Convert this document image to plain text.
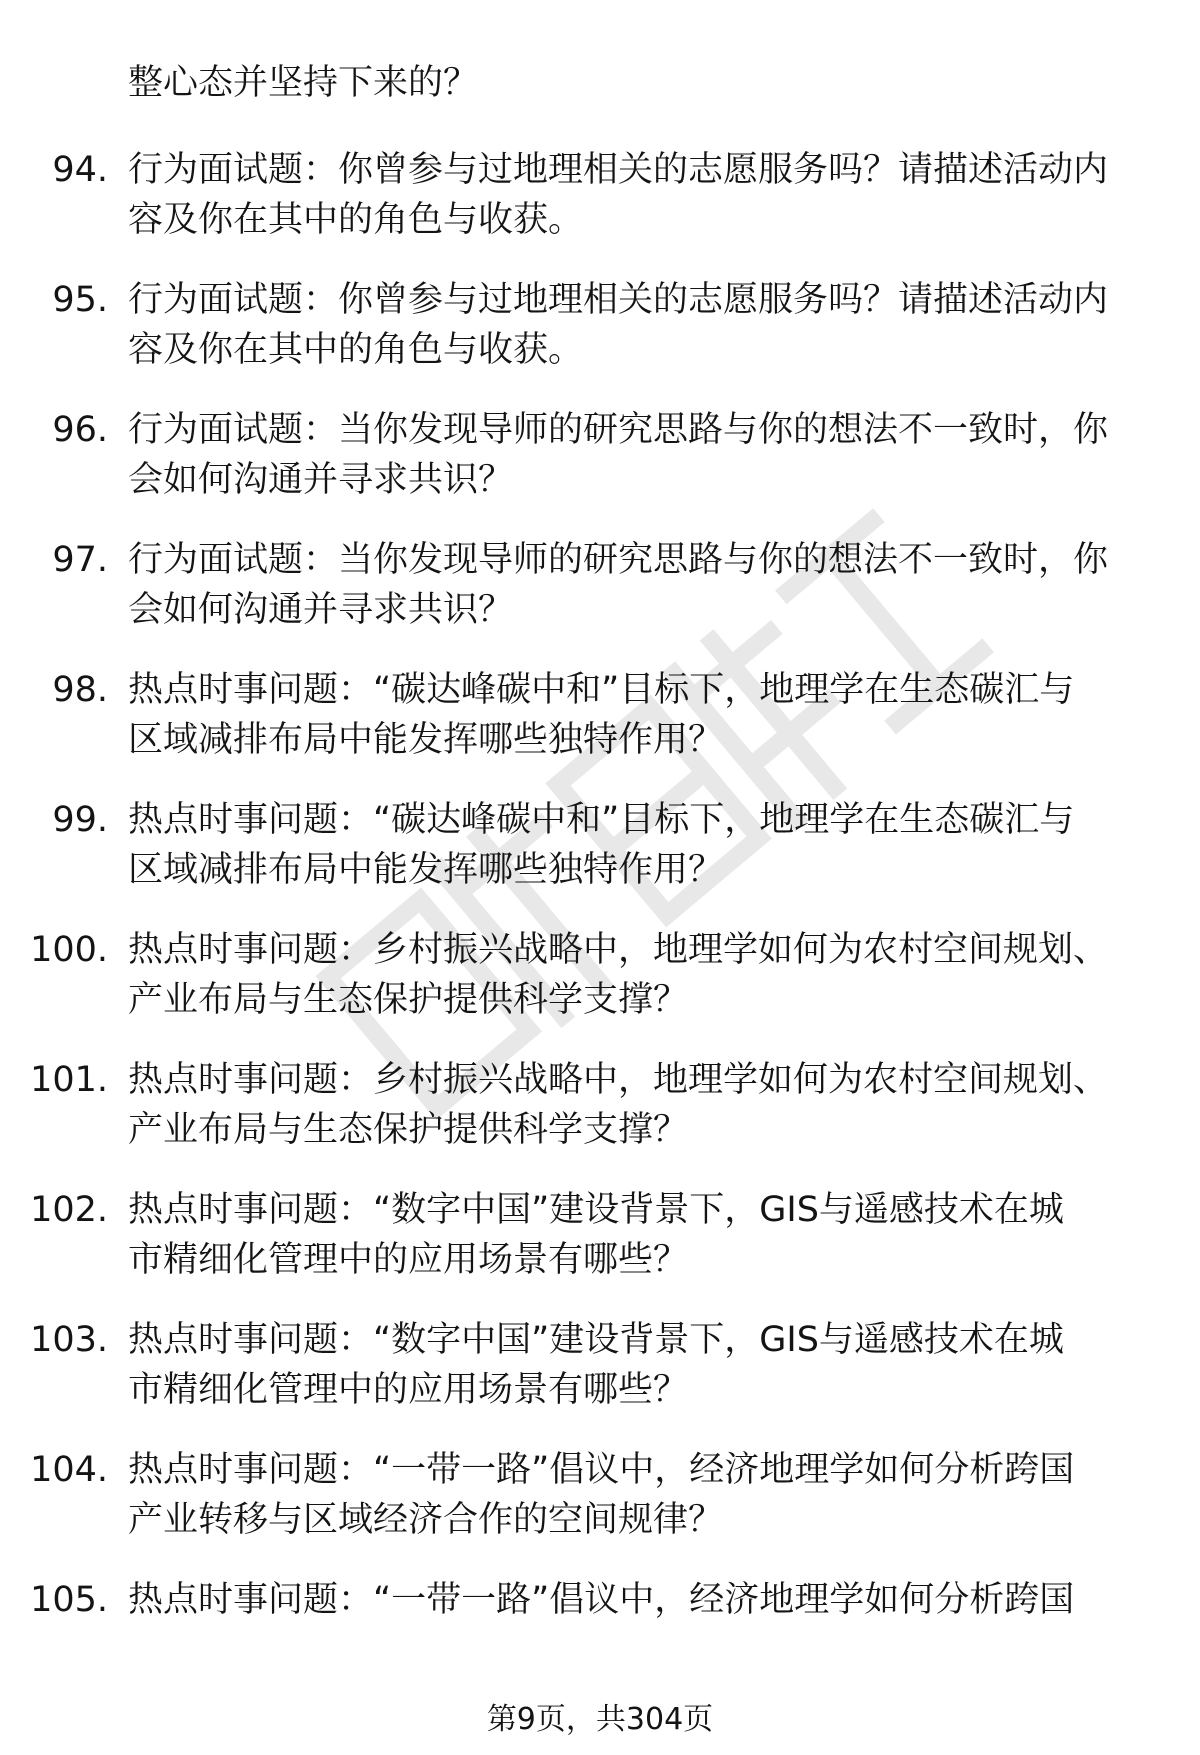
整心态并坚持下来的？
94. 行为面试题：你曾参与过地理相关的志愿服务吗？请描述活动内
容及你在其中的角色与收获。
95. 行为面试题：你曾参与过地理相关的志愿服务吗？请描述活动内
容及你在其中的角色与收获。
96. 行为面试题：当你发现导师的研究思路与你的想法不一致时，你
会如何沟通并寻求共识？
97. 行为面试题：当你发现导师的研究思路与你的想法不一致时，你
会如何沟通并寻求共识？
98. 热点时事问题：“碳达峰碳中和”目标下，地理学在生态碳汇与
区域减排布局中能发挥哪些独特作用？
99. 热点时事问题：“碳达峰碳中和”目标下，地理学在生态碳汇与
区域减排布局中能发挥哪些独特作用？
100. 热点时事问题：乡村振兴战略中，地理学如何为农村空间规划、
产业布局与生态保护提供科学支撑？
101. 热点时事问题：乡村振兴战略中，地理学如何为农村空间规划、
产业布局与生态保护提供科学支撑？
102. 热点时事问题：“数字中国”建设背景下，GIS与遥感技术在城
市精细化管理中的应用场景有哪些？
103. 热点时事问题：“数字中国”建设背景下，GIS与遥感技术在城
市精细化管理中的应用场景有哪些？
104. 热点时事问题：“一带一路”倡议中，经济地理学如何分析跨国
产业转移与区域经济合作的空间规律？
105. 热点时事问题：“一带一路”倡议中，经济地理学如何分析跨国
第9页，共304页
